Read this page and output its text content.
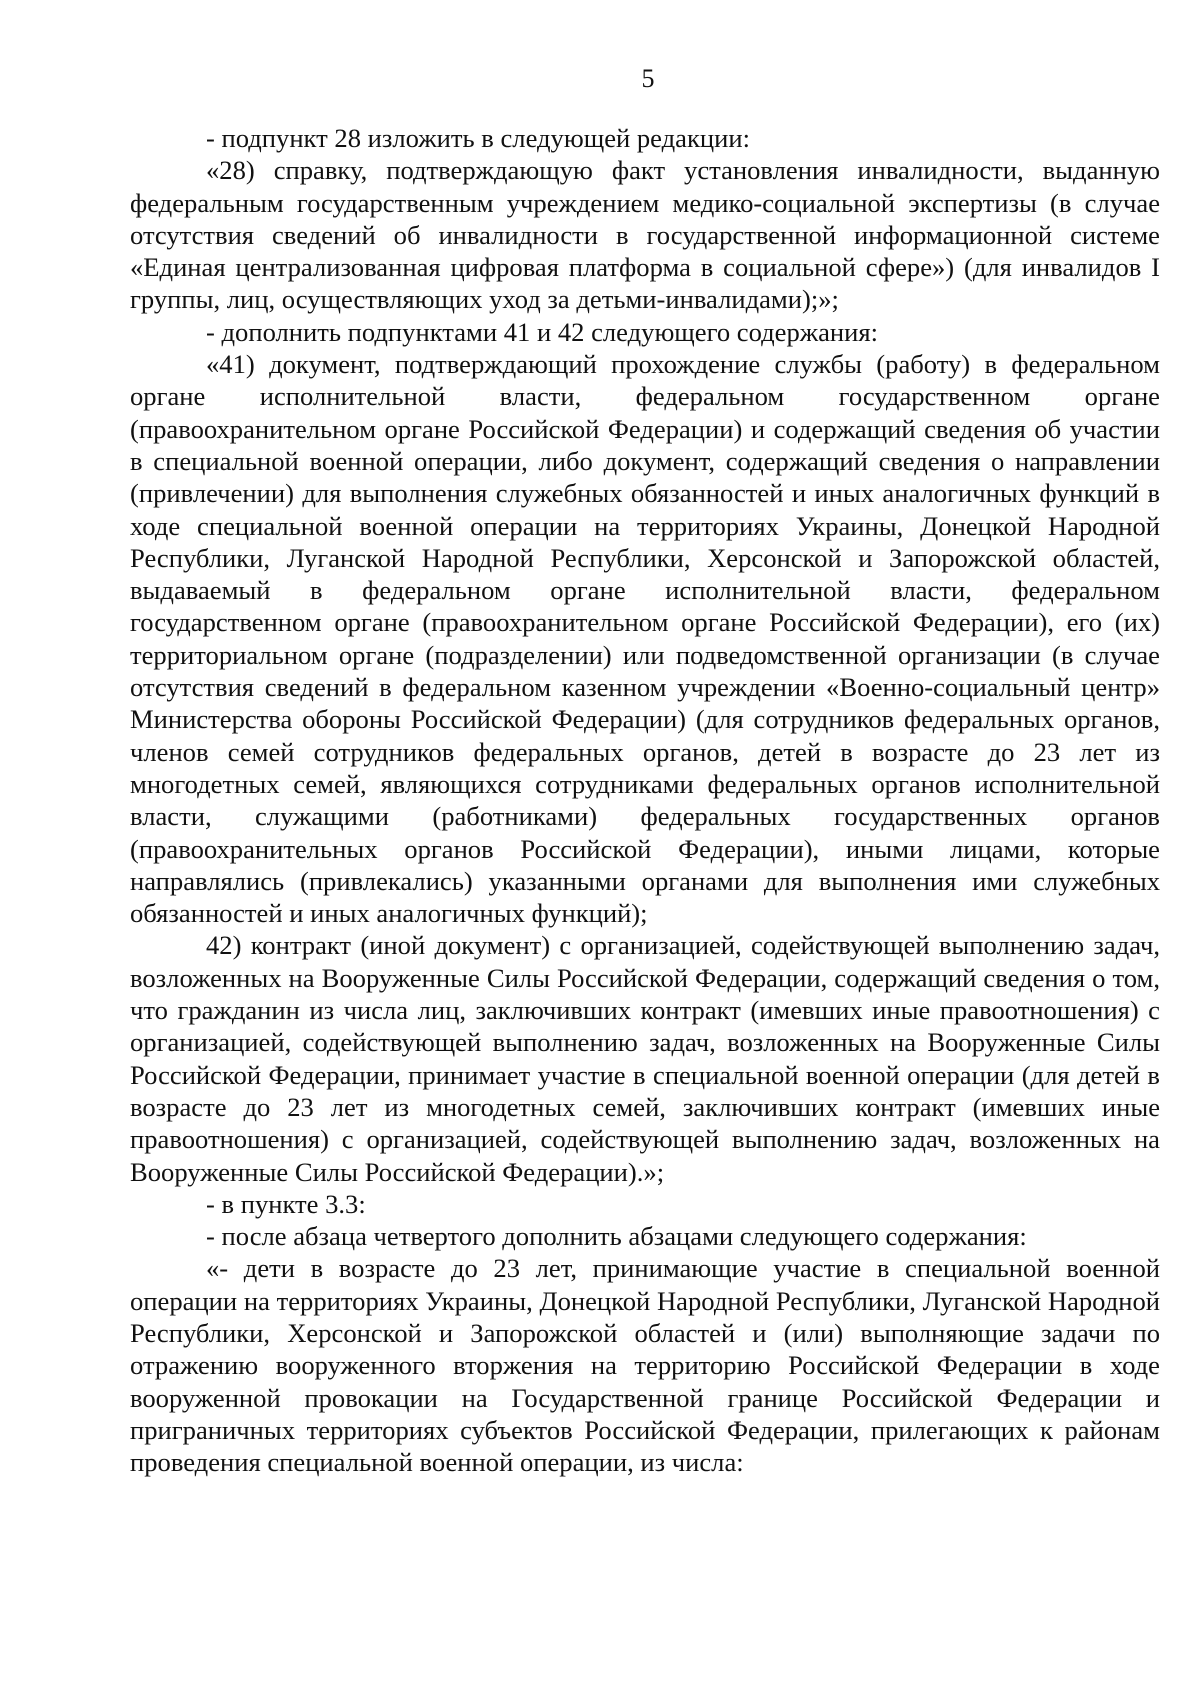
5

- подпункт 28 изложить в следующей редакции:

«28) справку, подтверждающую факт установления инвалидности, выданную федеральным государственным учреждением медико-социальной экспертизы (в случае отсутствия сведений об инвалидности в государственной информационной системе «Единая централизованная цифровая платформа в социальной сфере») (для инвалидов I группы, лиц, осуществляющих уход за детьми-инвалидами);»;

- дополнить подпунктами 41 и 42 следующего содержания:

«41) документ, подтверждающий прохождение службы (работу) в федеральном органе исполнительной власти, федеральном государственном органе (правоохранительном органе Российской Федерации) и содержащий сведения об участии в специальной военной операции, либо документ, содержащий сведения о направлении (привлечении) для выполнения служебных обязанностей и иных аналогичных функций в ходе специальной военной операции на территориях Украины, Донецкой Народной Республики, Луганской Народной Республики, Херсонской и Запорожской областей, выдаваемый в федеральном органе исполнительной власти, федеральном государственном органе (правоохранительном органе Российской Федерации), его (их) территориальном органе (подразделении) или подведомственной организации (в случае отсутствия сведений в федеральном казенном учреждении «Военно-социальный центр» Министерства обороны Российской Федерации) (для сотрудников федеральных органов, членов семей сотрудников федеральных органов, детей в возрасте до 23 лет из многодетных семей, являющихся сотрудниками федеральных органов исполнительной власти, служащими (работниками) федеральных государственных органов (правоохранительных органов Российской Федерации), иными лицами, которые направлялись (привлекались) указанными органами для выполнения ими служебных обязанностей и иных аналогичных функций);

42) контракт (иной документ) с организацией, содействующей выполнению задач, возложенных на Вооруженные Силы Российской Федерации, содержащий сведения о том, что гражданин из числа лиц, заключивших контракт (имевших иные правоотношения) с организацией, содействующей выполнению задач, возложенных на Вооруженные Силы Российской Федерации, принимает участие в специальной военной операции (для детей в возрасте до 23 лет из многодетных семей, заключивших контракт (имевших иные правоотношения) с организацией, содействующей выполнению задач, возложенных на Вооруженные Силы Российской Федерации).»;

- в пункте 3.3:

- после абзаца четвертого дополнить абзацами следующего содержания:

«- дети в возрасте до 23 лет, принимающие участие в специальной военной операции на территориях Украины, Донецкой Народной Республики, Луганской Народной Республики, Херсонской и Запорожской областей и (или) выполняющие задачи по отражению вооруженного вторжения на территорию Российской Федерации в ходе вооруженной провокации на Государственной границе Российской Федерации и приграничных территориях субъектов Российской Федерации, прилегающих к районам проведения специальной военной операции, из числа:
